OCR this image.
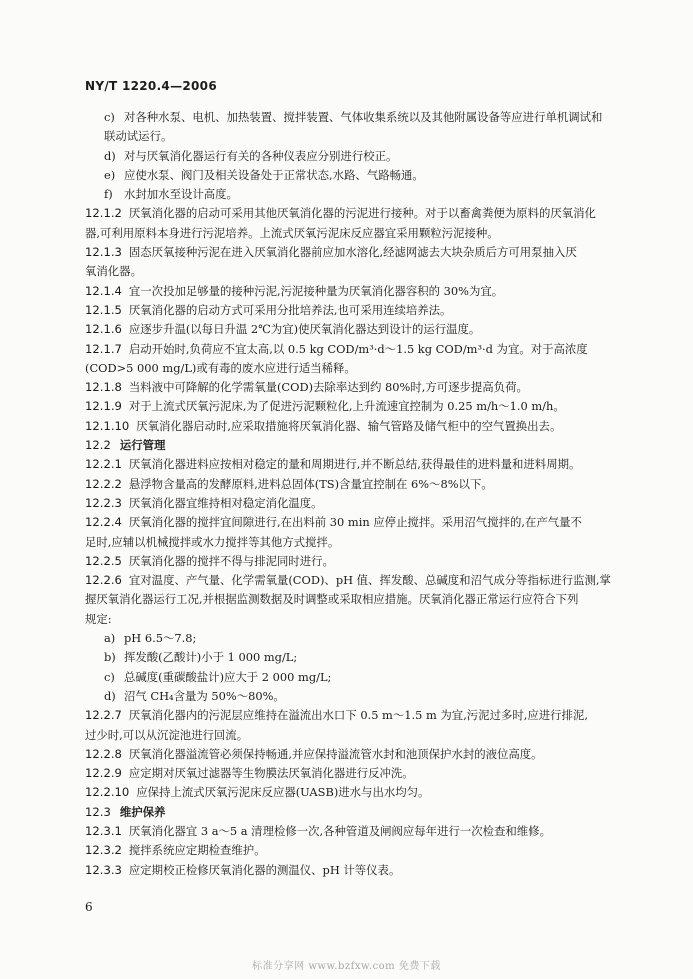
NY/T 1220.4—2006
c) 对各种水泵、电机、加热装置、搅拌装置、气体收集系统以及其他附属设备等应进行单机调试和
联动试运行。
d) 对与厌氧消化器运行有关的各种仪表应分别进行校正。
e) 应使水泵、阀门及相关设备处于正常状态,水路、气路畅通。
f) 水封加水至设计高度。
12.1.2 厌氧消化器的启动可采用其他厌氧消化器的污泥进行接种。对于以畜禽粪便为原料的厌氧消化
器,可利用原料本身进行污泥培养。上流式厌氧污泥床反应器宜采用颗粒污泥接种。
12.1.3 固态厌氧接种污泥在进入厌氧消化器前应加水溶化,经滤网滤去大块杂质后方可用泵抽入厌
氧消化器。
12.1.4 宜一次投加足够量的接种污泥,污泥接种量为厌氧消化器容积的 30%为宜。
12.1.5 厌氧消化器的启动方式可采用分批培养法,也可采用连续培养法。
12.1.6 应逐步升温(以每日升温 2℃为宜)使厌氧消化器达到设计的运行温度。
12.1.7 启动开始时,负荷应不宜太高,以 0.5 kg COD/m³·d～1.5 kg COD/m³·d 为宜。对于高浓度
(COD>5 000 mg/L)或有毒的废水应进行适当稀释。
12.1.8 当料液中可降解的化学需氧量(COD)去除率达到约 80%时,方可逐步提高负荷。
12.1.9 对于上流式厌氧污泥床,为了促进污泥颗粒化,上升流速宜控制为 0.25 m/h～1.0 m/h。
12.1.10 厌氧消化器启动时,应采取措施将厌氧消化器、输气管路及储气柜中的空气置换出去。
12.2 运行管理
12.2.1 厌氧消化器进料应按相对稳定的量和周期进行,并不断总结,获得最佳的进料量和进料周期。
12.2.2 悬浮物含量高的发酵原料,进料总固体(TS)含量宜控制在 6%～8%以下。
12.2.3 厌氧消化器宜维持相对稳定消化温度。
12.2.4 厌氧消化器的搅拌宜间隙进行,在出料前 30 min 应停止搅拌。采用沼气搅拌的,在产气量不
足时,应辅以机械搅拌或水力搅拌等其他方式搅拌。
12.2.5 厌氧消化器的搅拌不得与排泥同时进行。
12.2.6 宜对温度、产气量、化学需氧量(COD)、pH 值、挥发酸、总碱度和沼气成分等指标进行监测,掌
握厌氧消化器运行工况,并根据监测数据及时调整或采取相应措施。厌氧消化器正常运行应符合下列
规定:
a) pH 6.5～7.8;
b) 挥发酸(乙酸计)小于 1 000 mg/L;
c) 总碱度(重碳酸盐计)应大于 2 000 mg/L;
d) 沼气 CH₄含量为 50%～80%。
12.2.7 厌氧消化器内的污泥层应维持在溢流出水口下 0.5 m～1.5 m 为宜,污泥过多时,应进行排泥,
过少时,可以从沉淀池进行回流。
12.2.8 厌氧消化器溢流管必须保持畅通,并应保持溢流管水封和池顶保护水封的液位高度。
12.2.9 应定期对厌氧过滤器等生物膜法厌氧消化器进行反冲洗。
12.2.10 应保持上流式厌氧污泥床反应器(UASB)进水与出水均匀。
12.3 维护保养
12.3.1 厌氧消化器宜 3 a～5 a 清理检修一次,各种管道及闸阀应每年进行一次检查和维修。
12.3.2 搅拌系统应定期检查维护。
12.3.3 应定期校正检修厌氧消化器的测温仪、pH 计等仪表。
6
标准分享网 www.bzfxw.com 免费下载
